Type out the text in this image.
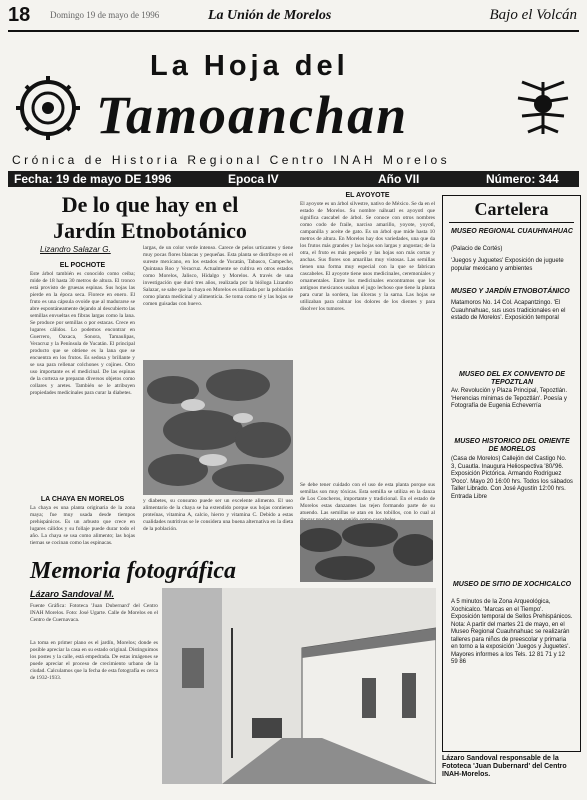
18 Domingo 19 de mayo de 1996	La Unión de Morelos	Bajo el Volcán
La Hoja del
Tamoanchan
Crónica de Historia Regional Centro INAH Morelos
Fecha: 19 de mayo DE 1996	Epoca IV	Año VII	Número: 344
De lo que hay en el Jardín Etnobotánico
Lizandro Salazar G.
EL POCHOTE

Este árbol también es conocido como ceiba; mide de 18 hasta 30 metros de altura. El tronco está provisto de gruesas espinas. Sus hojas las pierde en la época seca. Florece en enero. El fruto es una cápsula ovoide que al madurarse se abre espontáneamente dejando al descubierto las semillas envueltas en fibras largas como la lana. Se produce por semillas o por estacas. Crece en lugares cálidos. Lo podemos encontrar en Guerrero, Oaxaca, Sonora, Tamaulipas, Veracruz y la Península de Yucatán. El principal producto que se obtiene es la lana que se encuentra en los frutos. Es sedosa y brillante y se usa para rellenar colchones y cojines. Otro uso importante es el medicinal. De las espinas de la corteza se preparan diversos objetos como collares y aretes. También se le atribuyen propiedades medicinales para curar la diabetes.

LA CHAYA EN MORELOS

La chaya es una planta originaria de la zona maya; fue muy usada desde tiempos prehispánicos. Es un arbusto que crece en lugares cálidos y su follaje puede durar todo el año. La chaya se usa como alimento; las hojas tiernas se cocinan como las espinacas.

largas, de un color verde intenso. Carece de pelos urticantes y tiene muy pocas flores blancas y pequeñas. Esta planta se distribuye en el sureste mexicano, en los estados de Yucatán, Tabasco, Campeche, Quintana Roo y Veracruz. Actualmente se cultiva en otros estados como Morelos, Jalisco, Hidalgo y Morelos. A través de una investigación que duró tres años, realizada por la bióloga Lizandro Salazar, se sabe que la chaya en Morelos es utilizada por la población como planta medicinal y alimenticia. Se toma como té y las hojas se comen guisadas con huevo.

y diabetes, su consumo puede ser un excelente alimento. El uso alimentario de la chaya se ha extendido porque sus hojas contienen proteínas, vitamina A, calcio, hierro y vitamina C. Debido a estas cualidades nutritivas se le considera una buena alternativa en la dieta de la población.

EL AYOYOTE

El ayoyote es un árbol silvestre, nativo de México. Se da en el estado de Morelos. Su nombre náhuatl es ayoyotl que significa cascabel de árbol. Se conoce con otros nombres como codo de fraile, narciso amarillo, yoyote, yoyotl, campanilla y aceite de gato. Es un árbol que mide hasta 10 metros de altura. En Morelos hay dos variedades, una que da los frutos más grandes y las hojas son largas y angostas; de la otra, el fruto es más pequeño y las hojas son más cortas y anchas. Sus flores son amarillas muy vistosas. Las semillas tienen una forma muy especial con la que se fabrican cascabeles. El ayoyote tiene usos medicinales, ceremoniales y ornamentales. Entre los medicinales encontramos que los antiguos mexicanos usaban el jugo lechoso que tiene la planta para curar la sordera, las úlceras y la sarna. Las hojas se utilizaban para calmar los dolores de los dientes y para disolver los tumores.

Se debe tener cuidado con el uso de esta planta porque sus semillas son muy tóxicas. Esta semilla se utiliza en la danza de Los Concheros, importante y tradicional. En el estado de Morelos estas danzantes las tejen formando parte de su atuendo. Las semillas se atan en los tobillos, con lo cual al

Memoria fotográfica
Lázaro Sandoval M.

Fuente Gráfica: Fototeca 'Juan Dubernard' del Centro INAH Morelos. Foto: José Ugarte. Calle de Morelos en el Centro de Cuernavaca.

La toma en primer plano es el jardín, Morelos; donde es posible apreciar la casa en su estado original. Distinguimos los postes y la calle, está empedrada. De estas imágenes se puede apreciar el proceso de crecimiento urbano de la ciudad. Calculamos que la fecha de esta fotografía es cerca de 1932-1933.

Cartelera
MUSEO REGIONAL CUAUHNAHUAC
(Palacio de Cortés)
'Juegos y Juguetes' Exposición de juguete popular mexicano y ambientes
MUSEO Y JARDÍN ETNOBOTÁNICO
Matamoros No. 14 Col. Acapantzingo. 'El Cuauhnahuac, sus usos tradicionales en el estado de Morelos'. Exposición temporal
MUSEO DEL EX CONVENTO DE TEPOZTLAN
Av. Revolución y Plaza Principal, Tepoztlán. 'Herencias mínimas de Tepoztlán'. Poesía y Fotografía de Eugenia Echeverría
MUSEO HISTORICO DEL ORIENTE DE MORELOS
(Casa de Morelos) Callejón del Castigo No. 3, Cuautla. Inaugura Heliospectiva '80/'96. Exposición Pictórica. Armando Rodríguez 'Poco'. Mayo 20 16:00 hrs. Todos los sábados Taller Librado. Con José Agustín 12:00 hrs. Entrada Libre
MUSEO DE SITIO DE XOCHICALCO
A 5 minutos de la Zona Arqueológica, Xochicalco. 'Marcas en el Tiempo'. Exposición temporal de Sellos Prehispánicos. Nota: A partir del martes 21 de mayo, en el Museo Regional Cuauhnahuac se realizarán talleres para niños de preescolar y primaria en torno a la exposición 'Juegos y Juguetes'. Mayores informes a los Tels. 12 81 71 y 12 59 86
Lázaro Sandoval responsable de la Fototeca 'Juan Dubernard' del Centro INAH-Morelos.
